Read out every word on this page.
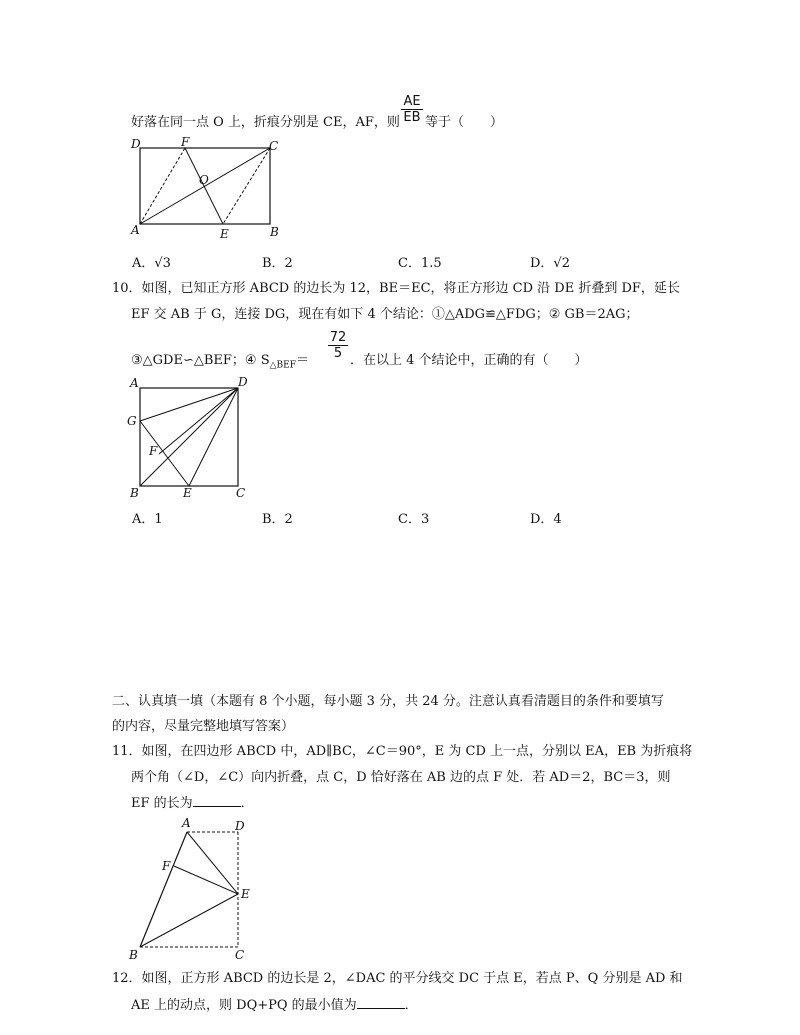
好落在同一点 O 上，折痕分别是 CE，AF，则
AE
EB 等于（　　）
D	F	C
O
A	E	B
A．√3	B．2	C．1.5	D．√2
10．如图，已知正方形 ABCD 的边长为 12，BE＝EC，将正方形边 CD 沿 DE 折叠到 DF，延长
EF 交 AB 于 G，连接 DG，现在有如下 4 个结论：①△ADG≌△FDG；② GB＝2AG；
③△GDE∽△BEF；④ $S_{\triangle BEF}=$
72
5 ．在以上 4 个结论中，正确的有（　　）
A	D
G
F
B	E	C
A．1	B．2	C．3	D．4
二、认真填一填（本题有 8 个小题，每小题 3 分，共 24 分。注意认真看清题目的条件和要填写
的内容，尽量完整地填写答案）
11．如图，在四边形 ABCD 中，AD∥BC，∠C＝90°，E 为 CD 上一点，分别以 EA，EB 为折痕将
两个角（∠D，∠C）向内折叠，点 C，D 恰好落在 AB 边的点 F 处．若 AD＝2，BC＝3，则
EF 的长为	．
A	D
F
E
B	C
12．如图，正方形 ABCD 的边长是 2，∠DAC 的平分线交 DC 于点 E，若点 P、Q 分别是 AD 和
AE 上的动点，则 DQ+PQ 的最小值为	．
